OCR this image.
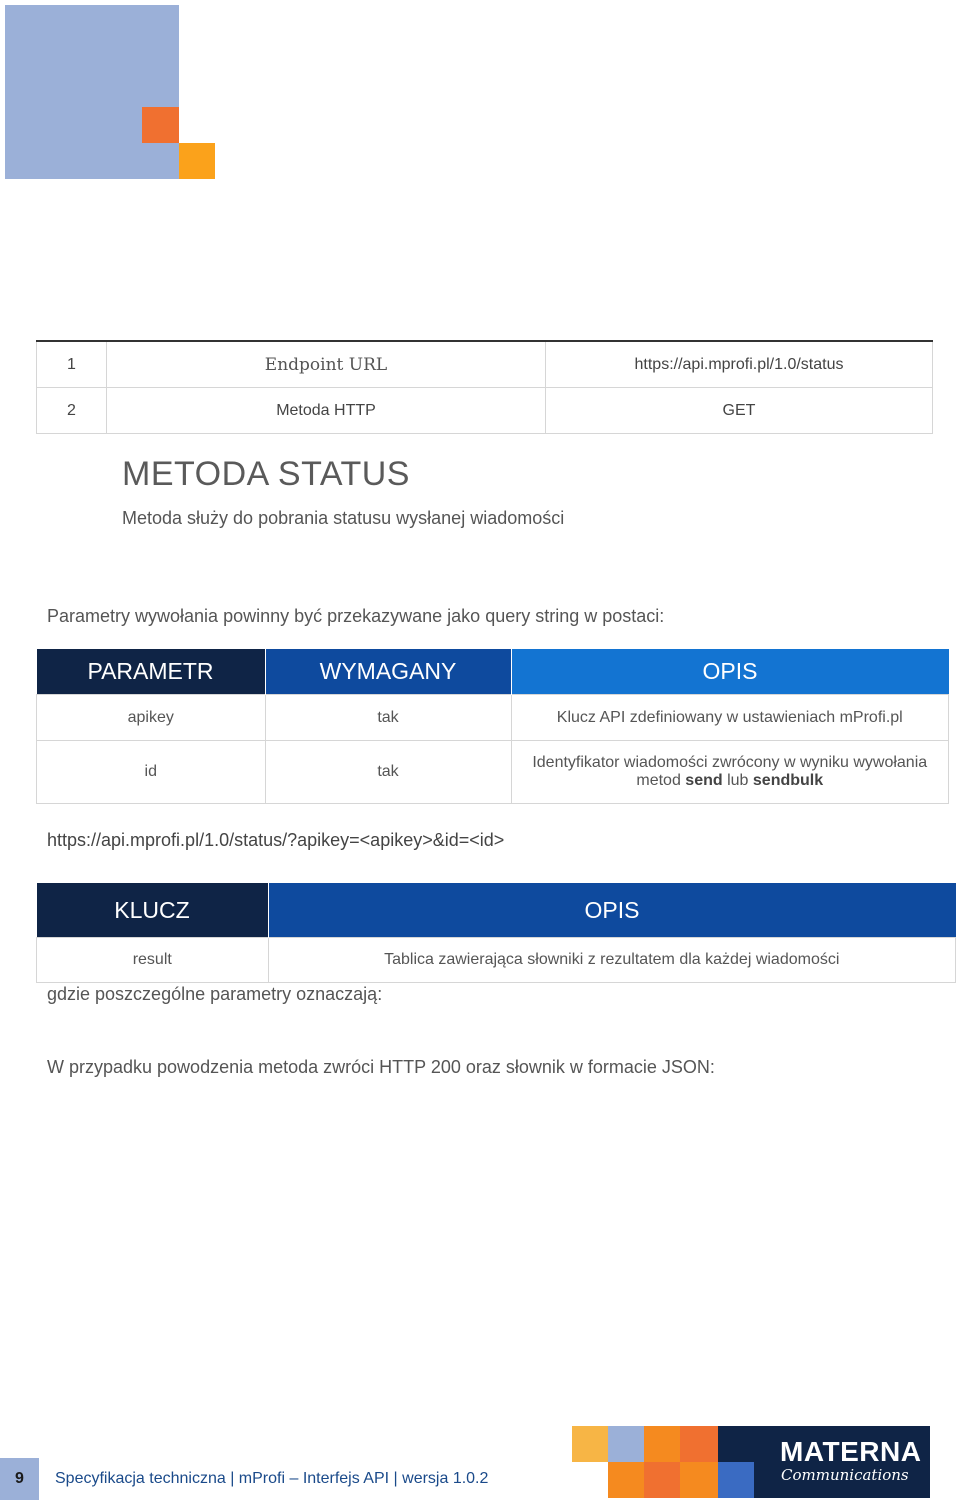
1	Endpoint URL	https://api.mprofi.pl/1.0/status
2	Metoda HTTP	GET
METODA STATUS
Metoda służy do pobrania statusu wysłanej wiadomości
Parametry wywołania powinny być przekazywane jako query string w postaci:
PARAMETR	WYMAGANY	OPIS
apikey	tak	Klucz API zdefiniowany w ustawieniach mProfi.pl
id	tak	Identyfikator wiadomości zwrócony w wyniku wywołania
metod send lub sendbulk
https://api.mprofi.pl/1.0/status/?apikey=<apikey>&id=<id>
KLUCZ	OPIS
result	Tablica zawierająca słowniki z rezultatem dla każdej wiadomości
gdzie poszczególne parametry oznaczają:
W przypadku powodzenia metoda zwróci HTTP 200 oraz słownik w formacie JSON:
MATERNA
Communications
9	Specyfikacja techniczna | mProfi – Interfejs API | wersja 1.0.2
